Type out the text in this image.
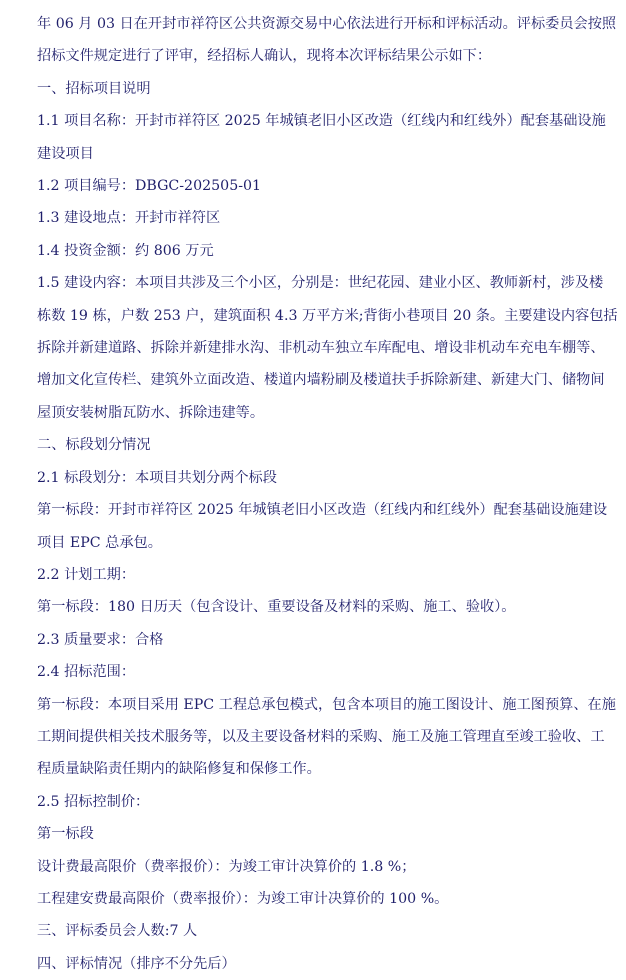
年 06 月 03 日在开封市祥符区公共资源交易中心依法进行开标和评标活动。评标委员会按照
招标文件规定进行了评审，经招标人确认，现将本次评标结果公示如下：
一、招标项目说明
1.1 项目名称：开封市祥符区 2025 年城镇老旧小区改造（红线内和红线外）配套基础设施
建设项目
1.2 项目编号：DBGC-202505-01
1.3 建设地点：开封市祥符区
1.4 投资金额：约 806 万元
1.5 建设内容：本项目共涉及三个小区，分别是：世纪花园、建业小区、教师新村，涉及楼
栋数 19 栋，户数 253 户，建筑面积 4.3 万平方米;背街小巷项目 20 条。主要建设内容包括
拆除并新建道路、拆除并新建排水沟、非机动车独立车库配电、增设非机动车充电车棚等、
增加文化宣传栏、建筑外立面改造、楼道内墙粉刷及楼道扶手拆除新建、新建大门、储物间
屋顶安装树脂瓦防水、拆除违建等。
二、标段划分情况
2.1 标段划分：本项目共划分两个标段
第一标段：开封市祥符区 2025 年城镇老旧小区改造（红线内和红线外）配套基础设施建设
项目 EPC 总承包。
2.2 计划工期：
第一标段：180 日历天（包含设计、重要设备及材料的采购、施工、验收）。
2.3 质量要求：合格
2.4 招标范围：
第一标段：本项目采用 EPC 工程总承包模式，包含本项目的施工图设计、施工图预算、在施
工期间提供相关技术服务等，以及主要设备材料的采购、施工及施工管理直至竣工验收、工
程质量缺陷责任期内的缺陷修复和保修工作。
2.5 招标控制价：
第一标段
设计费最高限价（费率报价）：为竣工审计决算价的 1.8 %；
工程建安费最高限价（费率报价）：为竣工审计决算价的 100 %。
三、评标委员会人数:7 人
四、评标情况（排序不分先后）
